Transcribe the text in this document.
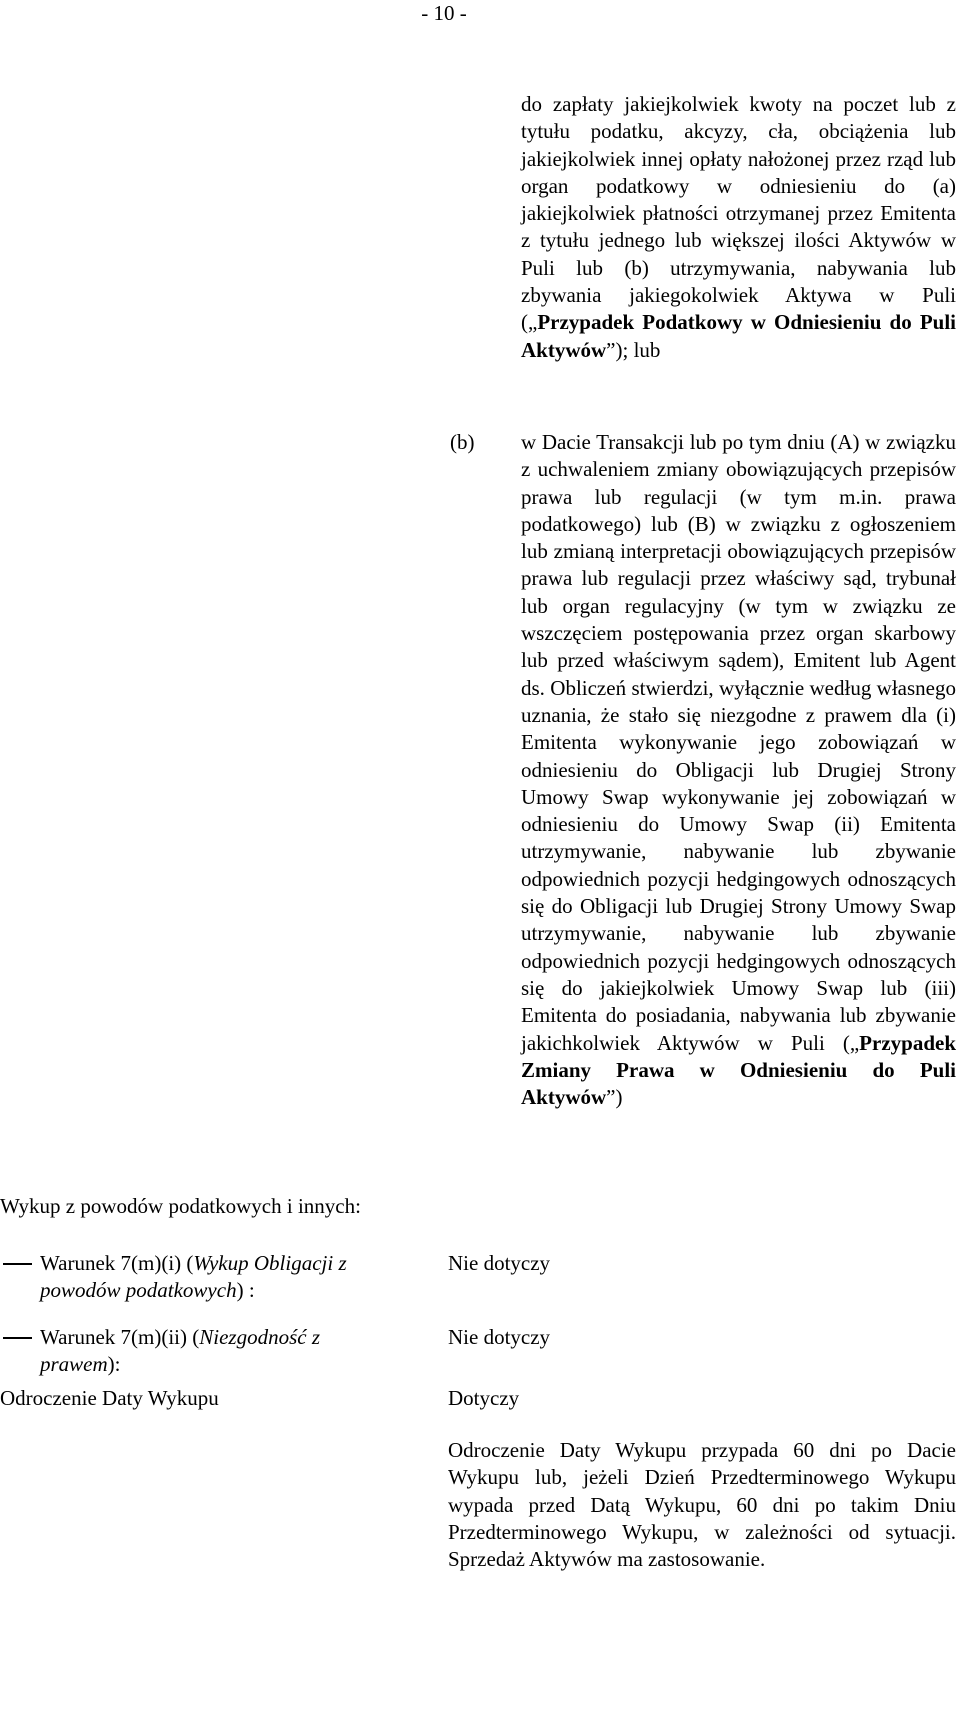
- 10 -
do zapłaty jakiejkolwiek kwoty na poczet lub z tytułu podatku, akcyzy, cła, obciążenia lub jakiejkolwiek innej opłaty nałożonej przez rząd lub organ podatkowy w odniesieniu do (a) jakiejkolwiek płatności otrzymanej przez Emitenta z tytułu jednego lub większej ilości Aktywów w Puli lub (b) utrzymywania, nabywania lub zbywania jakiegokolwiek Aktywa w Puli („Przypadek Podatkowy w Odniesieniu do Puli Aktywów”); lub
(b) w Dacie Transakcji lub po tym dniu (A) w związku z uchwaleniem zmiany obowiązujących przepisów prawa lub regulacji (w tym m.in. prawa podatkowego) lub (B) w związku z ogłoszeniem lub zmianą interpretacji obowiązujących przepisów prawa lub regulacji przez właściwy sąd, trybunał lub organ regulacyjny (w tym w związku ze wszczęciem postępowania przez organ skarbowy lub przed właściwym sądem), Emitent lub Agent ds. Obliczeń stwierdzi, wyłącznie według własnego uznania, że stało się niezgodne z prawem dla (i) Emitenta wykonywanie jego zobowiązań w odniesieniu do Obligacji lub Drugiej Strony Umowy Swap wykonywanie jej zobowiązań w odniesieniu do Umowy Swap (ii) Emitenta utrzymywanie, nabywanie lub zbywanie odpowiednich pozycji hedgingowych odnoszących się do Obligacji lub Drugiej Strony Umowy Swap utrzymywanie, nabywanie lub zbywanie odpowiednich pozycji hedgingowych odnoszących się do jakiejkolwiek Umowy Swap lub (iii) Emitenta do posiadania, nabywania lub zbywanie jakichkolwiek Aktywów w Puli („Przypadek Zmiany Prawa w Odniesieniu do Puli Aktywów”)
Wykup z powodów podatkowych i innych:
Warunek 7(m)(i) (Wykup Obligacji z powodów podatkowych) :
Nie dotyczy
Warunek 7(m)(ii) (Niezgodność z prawem):
Nie dotyczy
Odroczenie Daty Wykupu	Dotyczy
Odroczenie Daty Wykupu przypada 60 dni po Dacie Wykupu lub, jeżeli Dzień Przedterminowego Wykupu wypada przed Datą Wykupu, 60 dni po takim Dniu Przedterminowego Wykupu, w zależności od sytuacji. Sprzedaż Aktywów ma zastosowanie.
